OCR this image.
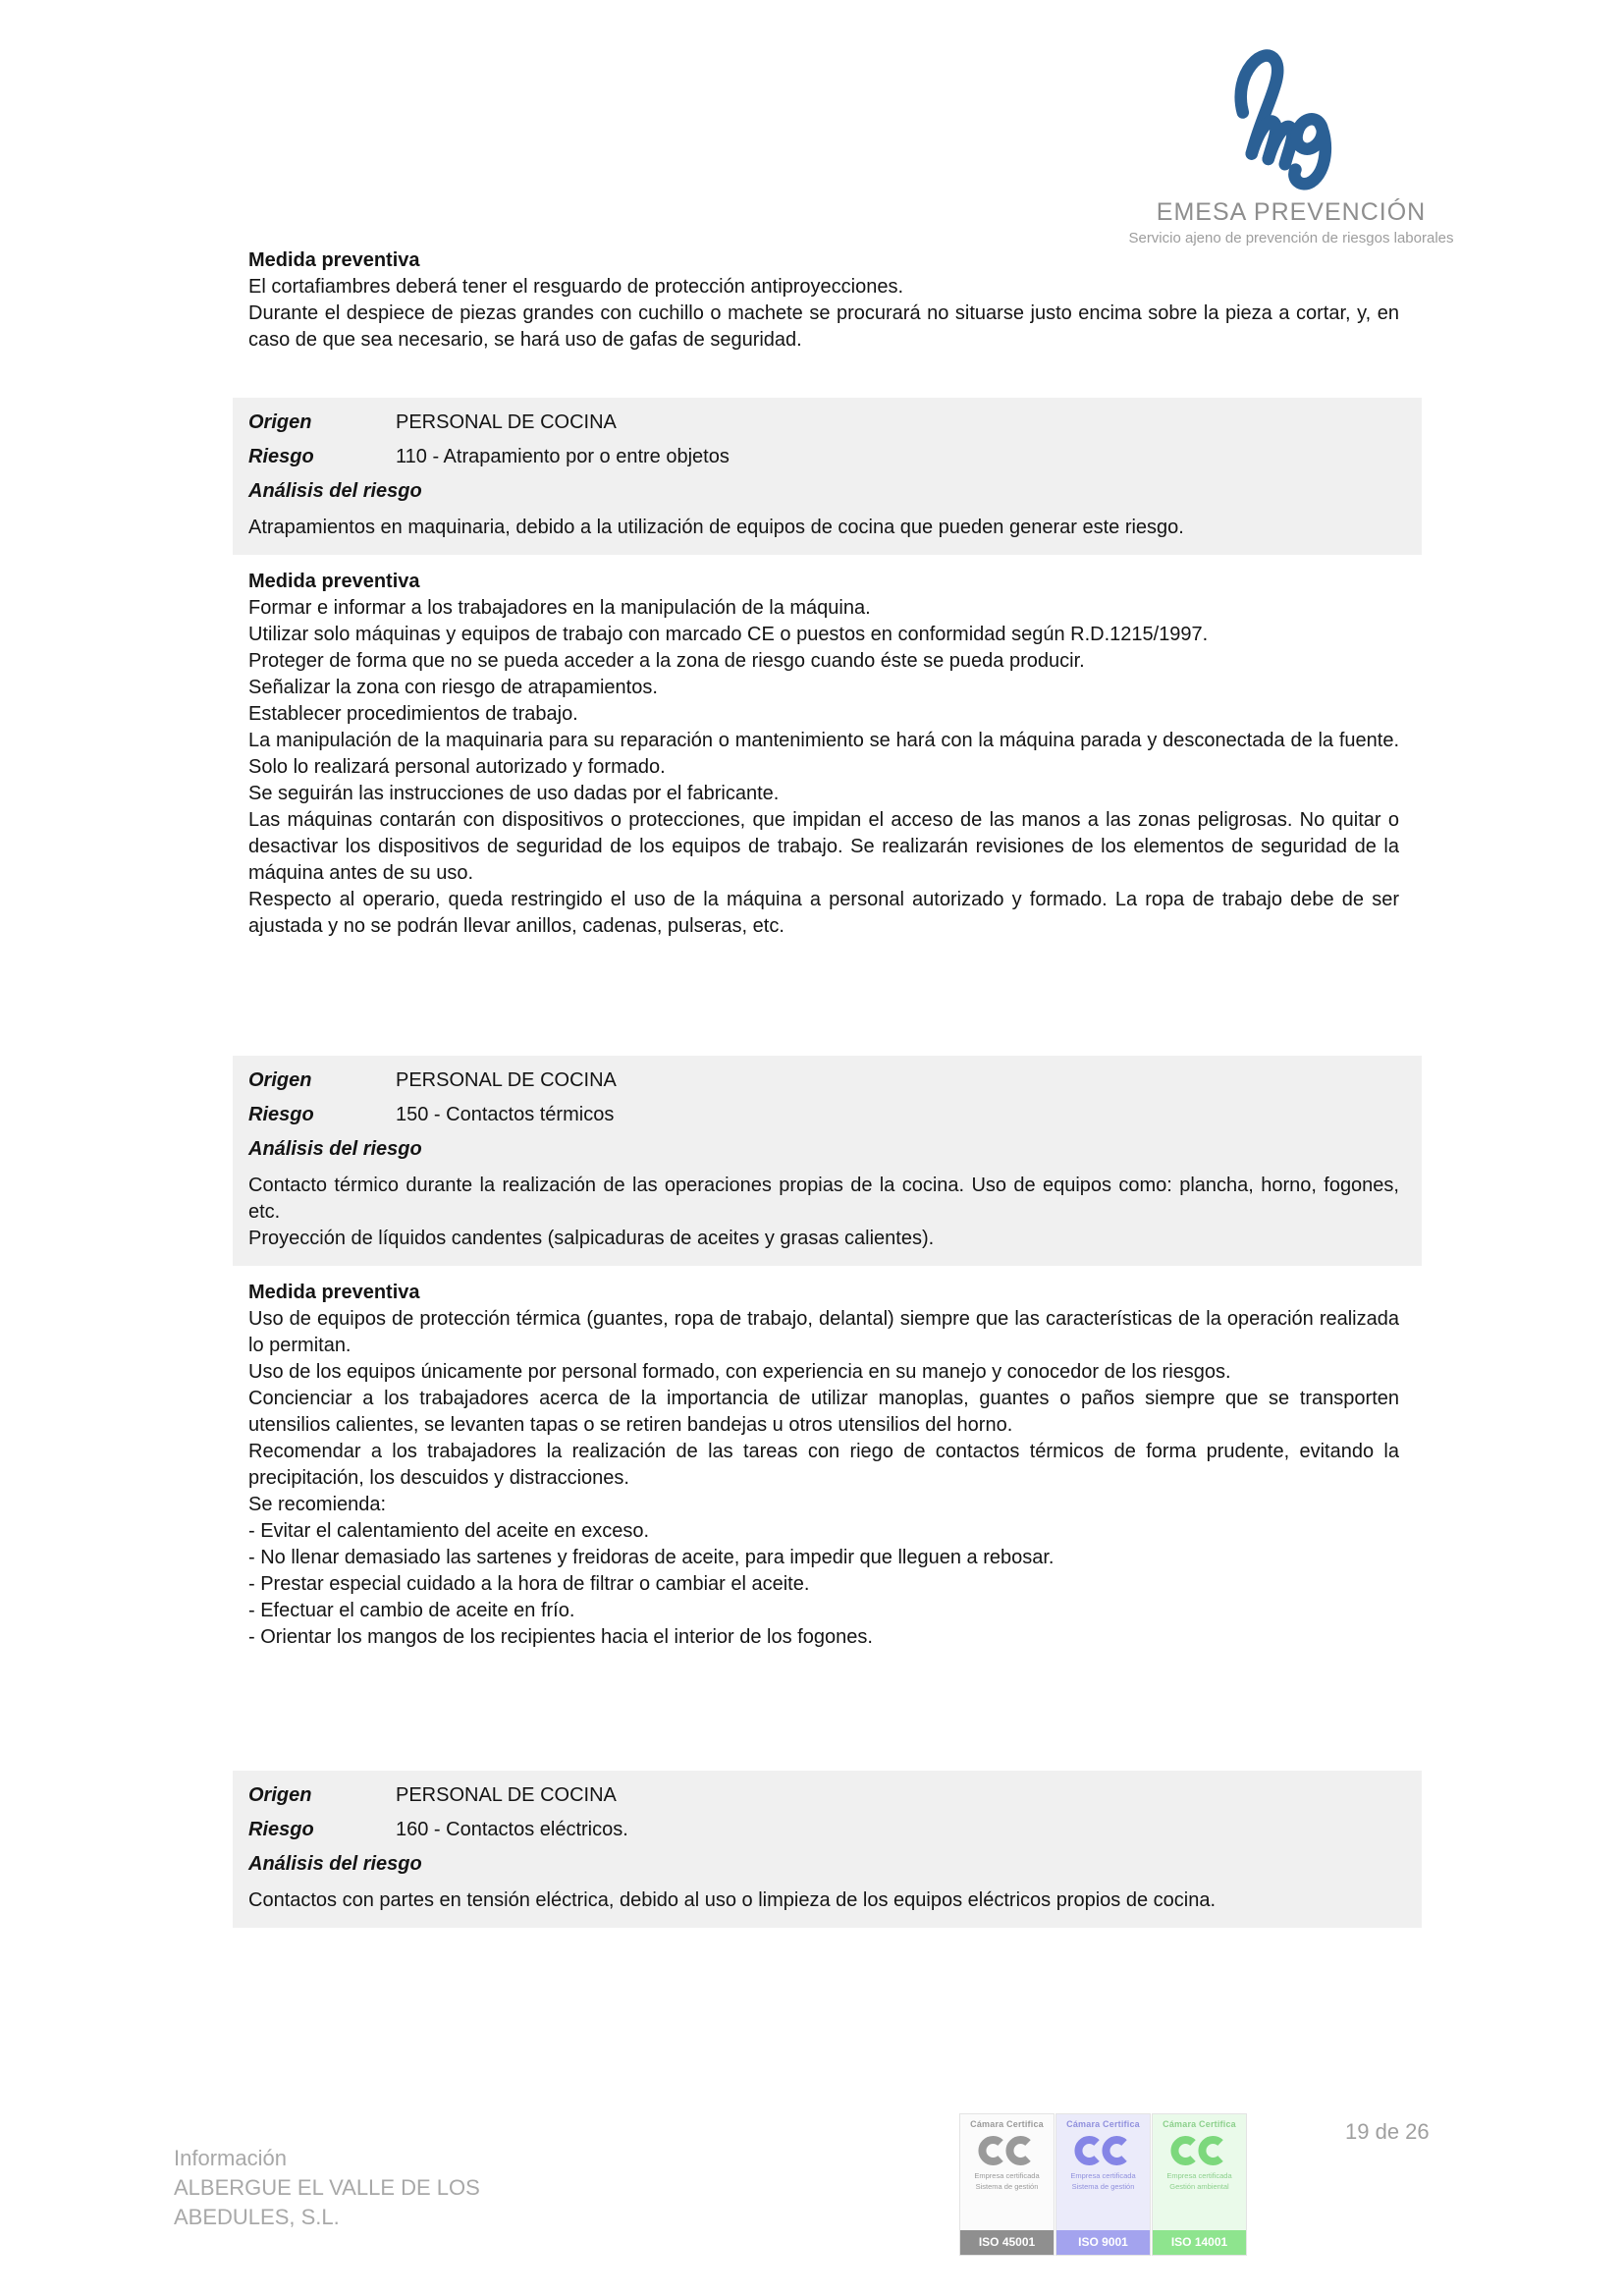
EMESA PREVENCIÓN
Servicio ajeno de prevención de riesgos laborales
Medida preventiva

El cortafiambres deberá tener el resguardo de protección antiproyecciones.

Durante el despiece de piezas grandes con cuchillo o machete se procurará no situarse justo encima sobre la pieza a cortar, y, en caso de que sea necesario, se hará uso de gafas de seguridad.

Origen	PERSONAL DE COCINA
Riesgo	110 - Atrapamiento por o entre objetos
Análisis del riesgo

Atrapamientos en maquinaria, debido a la utilización de equipos de cocina que pueden generar este riesgo.

Medida preventiva

Formar e informar a los trabajadores en la manipulación de la máquina.

Utilizar solo máquinas y equipos de trabajo con marcado CE o puestos en conformidad según R.D.1215/1997.

Proteger de forma que no se pueda acceder a la zona de riesgo cuando éste se pueda producir.

Señalizar la zona con riesgo de atrapamientos.

Establecer procedimientos de trabajo.

La manipulación de la maquinaria para su reparación o mantenimiento se hará con la máquina parada y desconectada de la fuente. Solo lo realizará personal autorizado y formado.

Se seguirán las instrucciones de uso dadas por el fabricante.

Las máquinas contarán con dispositivos o protecciones, que impidan el acceso de las manos a las zonas peligrosas. No quitar o desactivar los dispositivos de seguridad de los equipos de trabajo. Se realizarán revisiones de los elementos de seguridad de la máquina antes de su uso.

Respecto al operario, queda restringido el uso de la máquina a personal autorizado y formado. La ropa de trabajo debe de ser ajustada y no se podrán llevar anillos, cadenas, pulseras, etc.

Origen	PERSONAL DE COCINA
Riesgo	150 - Contactos térmicos
Análisis del riesgo

Contacto térmico durante la realización de las operaciones propias de la cocina. Uso de equipos como: plancha, horno, fogones, etc.

Proyección de líquidos candentes (salpicaduras de aceites y grasas calientes).

Medida preventiva

Uso de equipos de protección térmica (guantes, ropa de trabajo, delantal) siempre que las características de la operación realizada lo permitan.

Uso de los equipos únicamente por personal formado, con experiencia en su manejo y conocedor de los riesgos.

Concienciar a los trabajadores acerca de la importancia de utilizar manoplas, guantes o paños siempre que se transporten utensilios calientes, se levanten tapas o se retiren bandejas u otros utensilios del horno.

Recomendar a los trabajadores la realización de las tareas con riego de contactos térmicos de forma prudente, evitando la precipitación, los descuidos y distracciones.

Se recomienda:

- Evitar el calentamiento del aceite en exceso.

- No llenar demasiado las sartenes y freidoras de aceite, para impedir que lleguen a rebosar.

- Prestar especial cuidado a la hora de filtrar o cambiar el aceite.

- Efectuar el cambio de aceite en frío.

- Orientar los mangos de los recipientes hacia el interior de los fogones.

Origen	PERSONAL DE COCINA
Riesgo	160 - Contactos eléctricos.
Análisis del riesgo

Contactos con partes en tensión eléctrica, debido al uso o limpieza de los equipos eléctricos propios de cocina.

Información
ALBERGUE EL VALLE DE LOS
ABEDULES, S.L.
Cámara Certifica
Empresa certificada
Sistema de gestión
ISO 45001
Cámara Certifica
Empresa certificada
Sistema de gestión
ISO 9001
Cámara Certifica
Empresa certificada
Gestión ambiental
ISO 14001
19 de 26
